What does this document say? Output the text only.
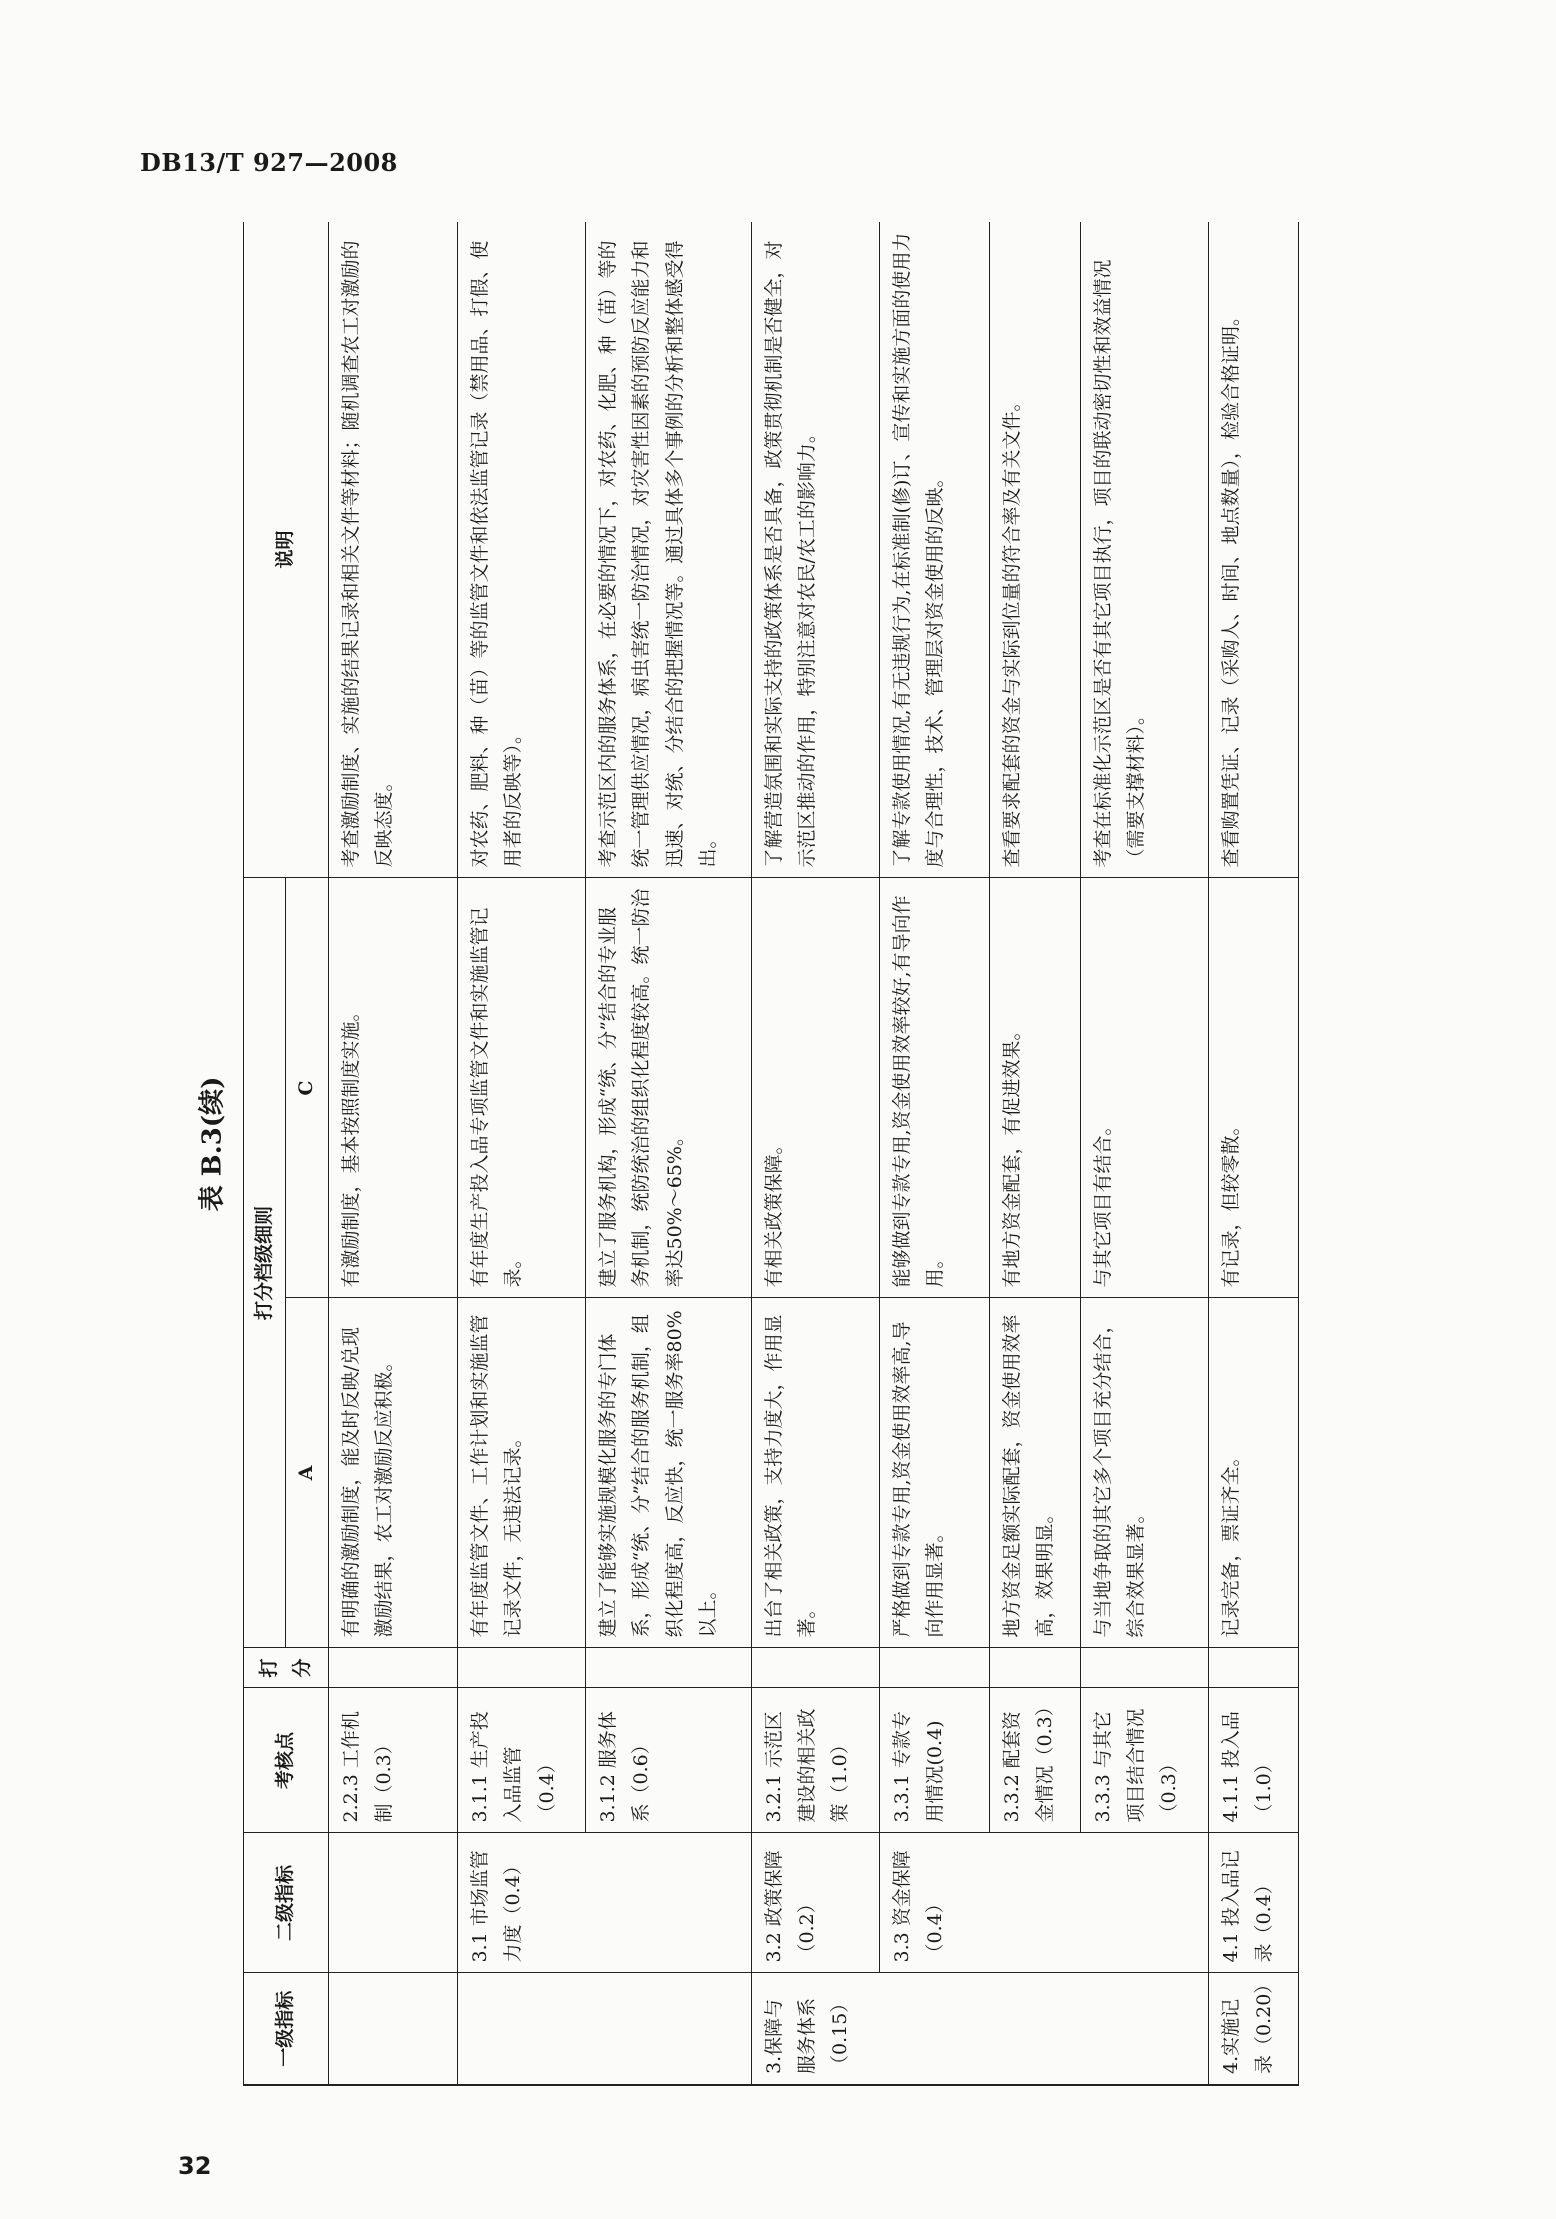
DB13/T 927—2008
表 B.3(续)
一级指标	二级指标	考核点	打分	打分档级细则		说明
				A	C	
		2.2.3 工作机制（0.3）		有明确的激励制度，能及时反映/兑现激励结果，农工对激励反应积极。	有激励制度，基本按照制度实施。	考查激励制度、实施的结果记录和相关文件等材料；随机调查农工对激励的反映态度。
	3.1 市场监管力度（0.4）	3.1.1 生产投入品监管（0.4）		有年度监管文件、工作计划和实施监管记录文件，无违法记录。	有年度生产投入品专项监管文件和实施监管记录。	对农药、肥料、种（苗）等的监管文件和依法监管记录（禁用品、打假、使用者的反映等）。
		3.1.2 服务体系（0.6）		建立了能够实施规模化服务的专门体系，形成“统、分”结合的服务机制，组织化程度高，反应快，统一服务率80%以上。	建立了服务机构，形成“统、分”结合的专业服务机制，统防统治的组织化程度较高。统一防治率达50%～65%。	考查示范区内的服务体系，在必要的情况下，对农药、化肥、种（苗）等的统一管理供应情况，病虫害统一防治情况，对灾害性因素的预防反应能力和迅速、对统、分结合的把握情况等。通过具体多个事例的分析和整体感受得出。
3.保障与服务体系（0.15）	3.2 政策保障（0.2）	3.2.1 示范区建设的相关政策（1.0）		出台了相关政策，支持力度大，作用显著。	有相关政策保障。	了解营造氛围和实际支持的政策体系是否具备，政策贯彻机制是否健全，对示范区推动的作用，特别注意对农民/农工的影响力。
	3.3 资金保障（0.4）	3.3.1 专款专用情况(0.4)		严格做到专款专用,资金使用效率高,导向作用显著。	能够做到专款专用,资金使用效率较好,有导向作用。	了解专款使用情况,有无违规行为,在标准制(修)订、宣传和实施方面的使用力度与合理性，技术、管理层对资金使用的反映。
		3.3.2 配套资金情况（0.3）		地方资金足额实际配套，资金使用效率高，效果明显。	有地方资金配套，有促进效果。	查看要求配套的资金与实际到位量的符合率及有关文件。
		3.3.3 与其它项目结合情况（0.3）		与当地争取的其它多个项目充分结合，综合效果显著。	与其它项目有结合。	考查在标准化示范区是否有其它项目执行，项目的联动密切性和效益情况（需要支撑材料）。
4.实施记录（0.20）	4.1 投入品记录（0.4）	4.1.1 投入品（1.0）		记录完备，票证齐全。	有记录，但较零散。	查看购置凭证、记录（采购人、时间、地点数量），检验合格证明。
32
